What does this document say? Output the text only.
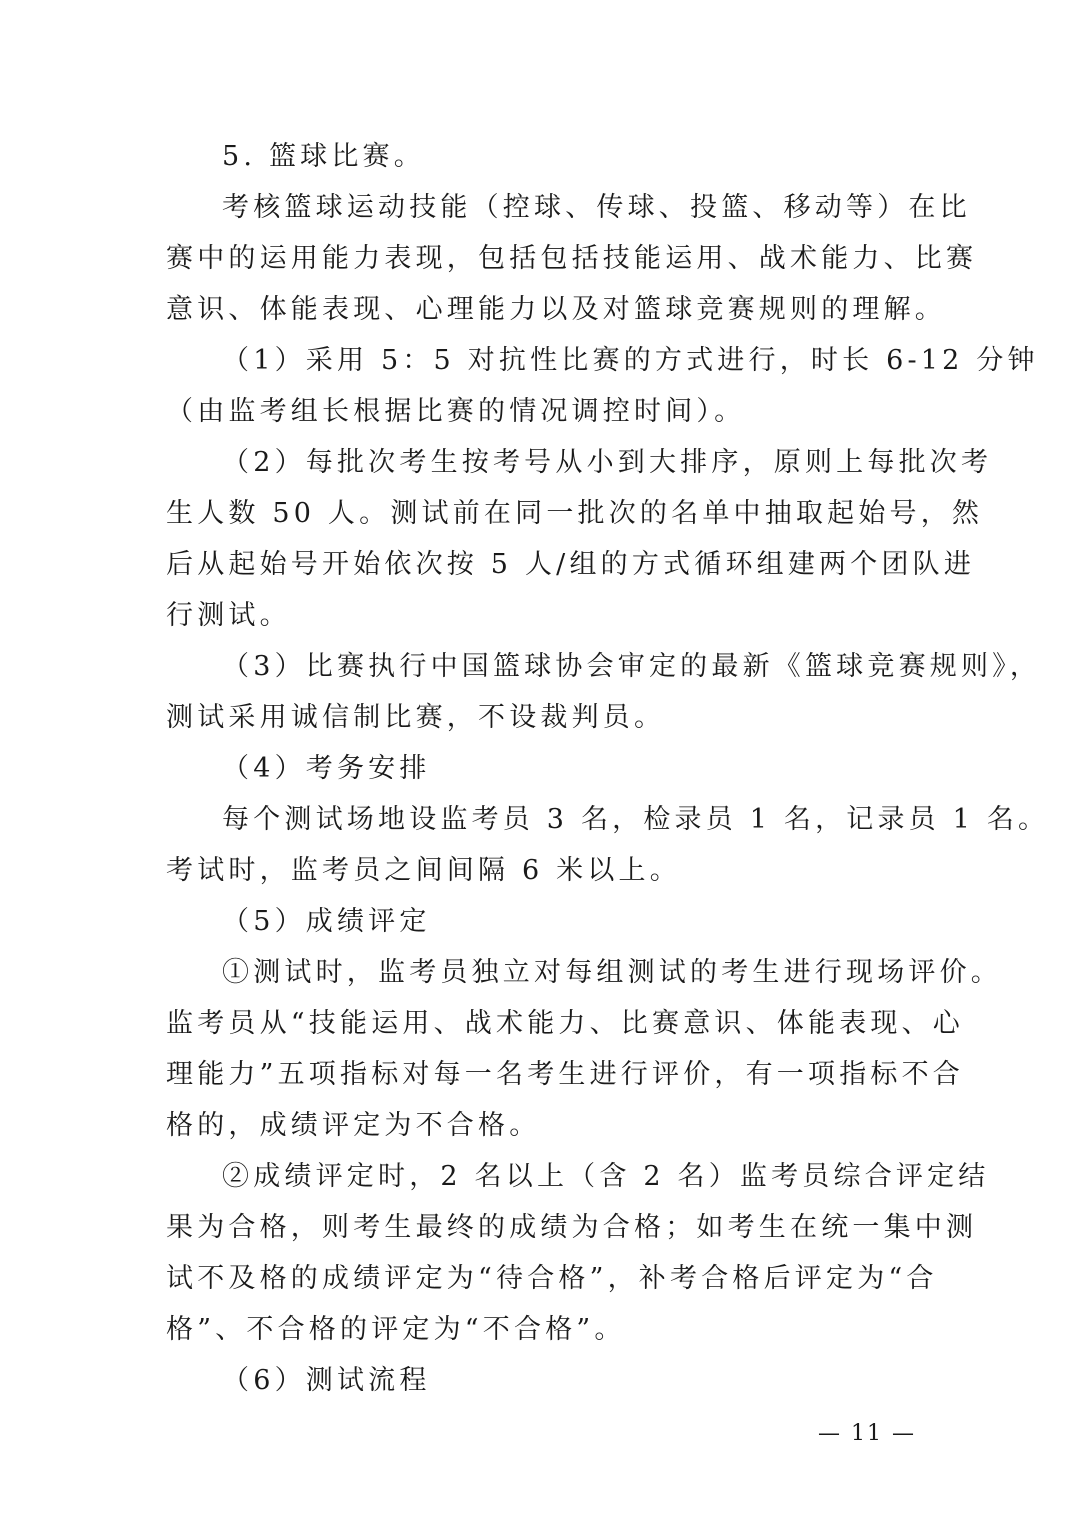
5. 篮球比赛。
考核篮球运动技能（控球、传球、投篮、移动等）在比
赛中的运用能力表现，包括包括技能运用、战术能力、比赛
意识、体能表现、心理能力以及对篮球竞赛规则的理解。
（1）采用 5：5 对抗性比赛的方式进行，时长 6-12 分钟
（由监考组长根据比赛的情况调控时间）。
（2）每批次考生按考号从小到大排序，原则上每批次考
生人数 50 人。测试前在同一批次的名单中抽取起始号，然
后从起始号开始依次按 5 人/组的方式循环组建两个团队进
行测试。
（3）比赛执行中国篮球协会审定的最新《篮球竞赛规则》，
测试采用诚信制比赛，不设裁判员。
（4）考务安排
每个测试场地设监考员 3 名，检录员 1 名，记录员 1 名。
考试时，监考员之间间隔 6 米以上。
（5）成绩评定
①测试时，监考员独立对每组测试的考生进行现场评价。
监考员从“技能运用、战术能力、比赛意识、体能表现、心
理能力”五项指标对每一名考生进行评价，有一项指标不合
格的，成绩评定为不合格。
②成绩评定时，2 名以上（含 2 名）监考员综合评定结
果为合格，则考生最终的成绩为合格；如考生在统一集中测
试不及格的成绩评定为“待合格”，补考合格后评定为“合
格”、不合格的评定为“不合格”。
（6）测试流程
— 11 —
